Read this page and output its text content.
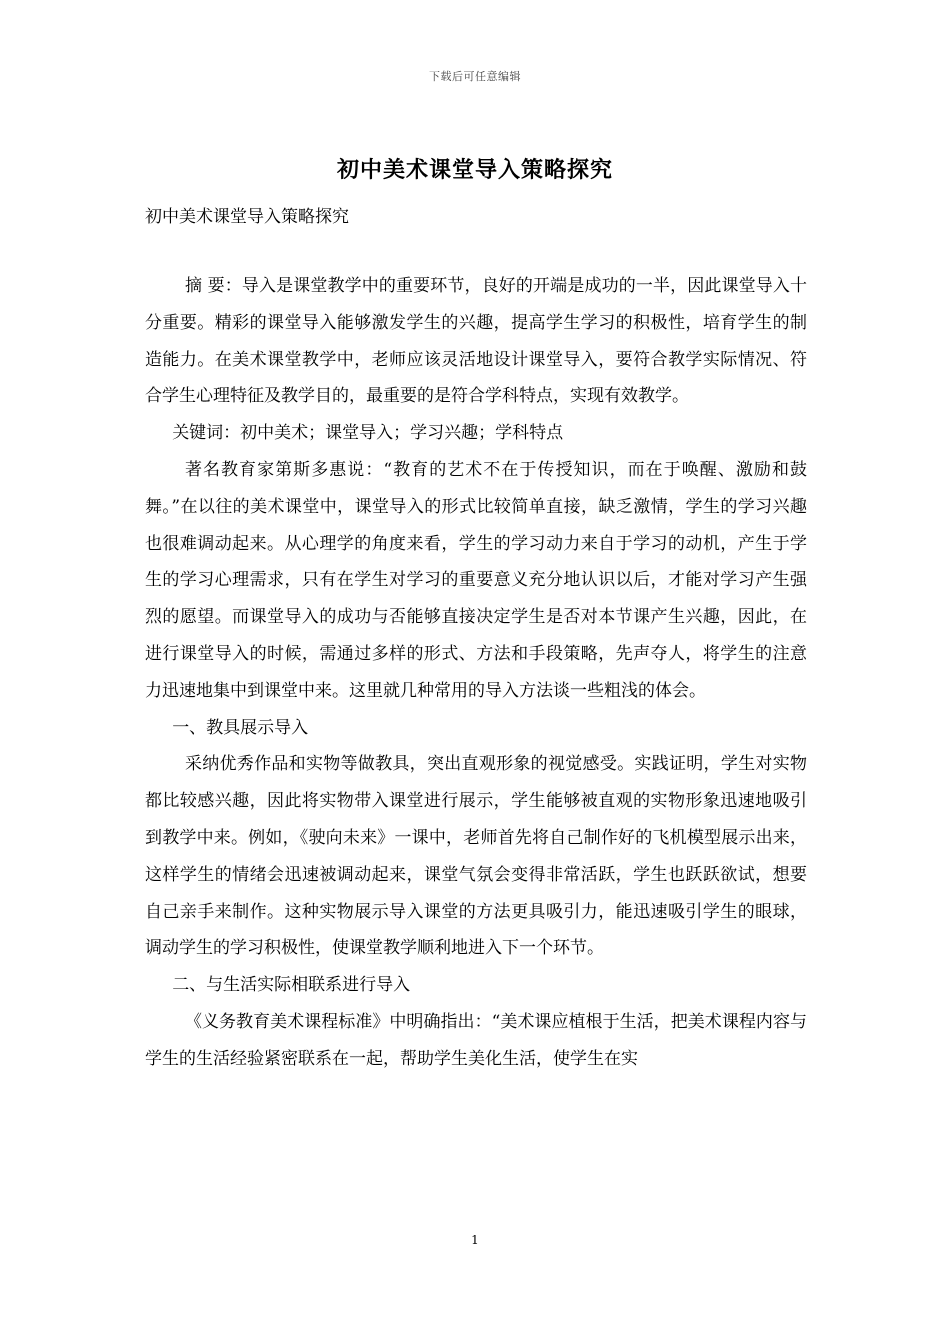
下载后可任意编辑
初中美术课堂导入策略探究

初中美术课堂导入策略探究

摘 要：导入是课堂教学中的重要环节，良好的开端是成功的一半，因此课堂导入十分重要。精彩的课堂导入能够激发学生的兴趣，提高学生学习的积极性，培育学生的制造能力。在美术课堂教学中，老师应该灵活地设计课堂导入，要符合教学实际情况、符合学生心理特征及教学目的，最重要的是符合学科特点，实现有效教学。

关键词：初中美术；课堂导入；学习兴趣；学科特点

著名教育家第斯多惠说：“教育的艺术不在于传授知识，而在于唤醒、激励和鼓舞。”在以往的美术课堂中，课堂导入的形式比较简单直接，缺乏激情，学生的学习兴趣也很难调动起来。从心理学的角度来看，学生的学习动力来自于学习的动机，产生于学生的学习心理需求，只有在学生对学习的重要意义充分地认识以后，才能对学习产生强烈的愿望。而课堂导入的成功与否能够直接决定学生是否对本节课产生兴趣，因此，在进行课堂导入的时候，需通过多样的形式、方法和手段策略，先声夺人，将学生的注意力迅速地集中到课堂中来。这里就几种常用的导入方法谈一些粗浅的体会。

一、教具展示导入

采纳优秀作品和实物等做教具，突出直观形象的视觉感受。实践证明，学生对实物都比较感兴趣，因此将实物带入课堂进行展示，学生能够被直观的实物形象迅速地吸引到教学中来。例如，《驶向未来》一课中，老师首先将自己制作好的飞机模型展示出来，这样学生的情绪会迅速被调动起来，课堂气氛会变得非常活跃，学生也跃跃欲试，想要自己亲手来制作。这种实物展示导入课堂的方法更具吸引力，能迅速吸引学生的眼球，调动学生的学习积极性，使课堂教学顺利地进入下一个环节。

二、与生活实际相联系进行导入

《义务教育美术课程标准》中明确指出：“美术课应植根于生活，把美术课程内容与学生的生活经验紧密联系在一起，帮助学生美化生活，使学生在实

1
